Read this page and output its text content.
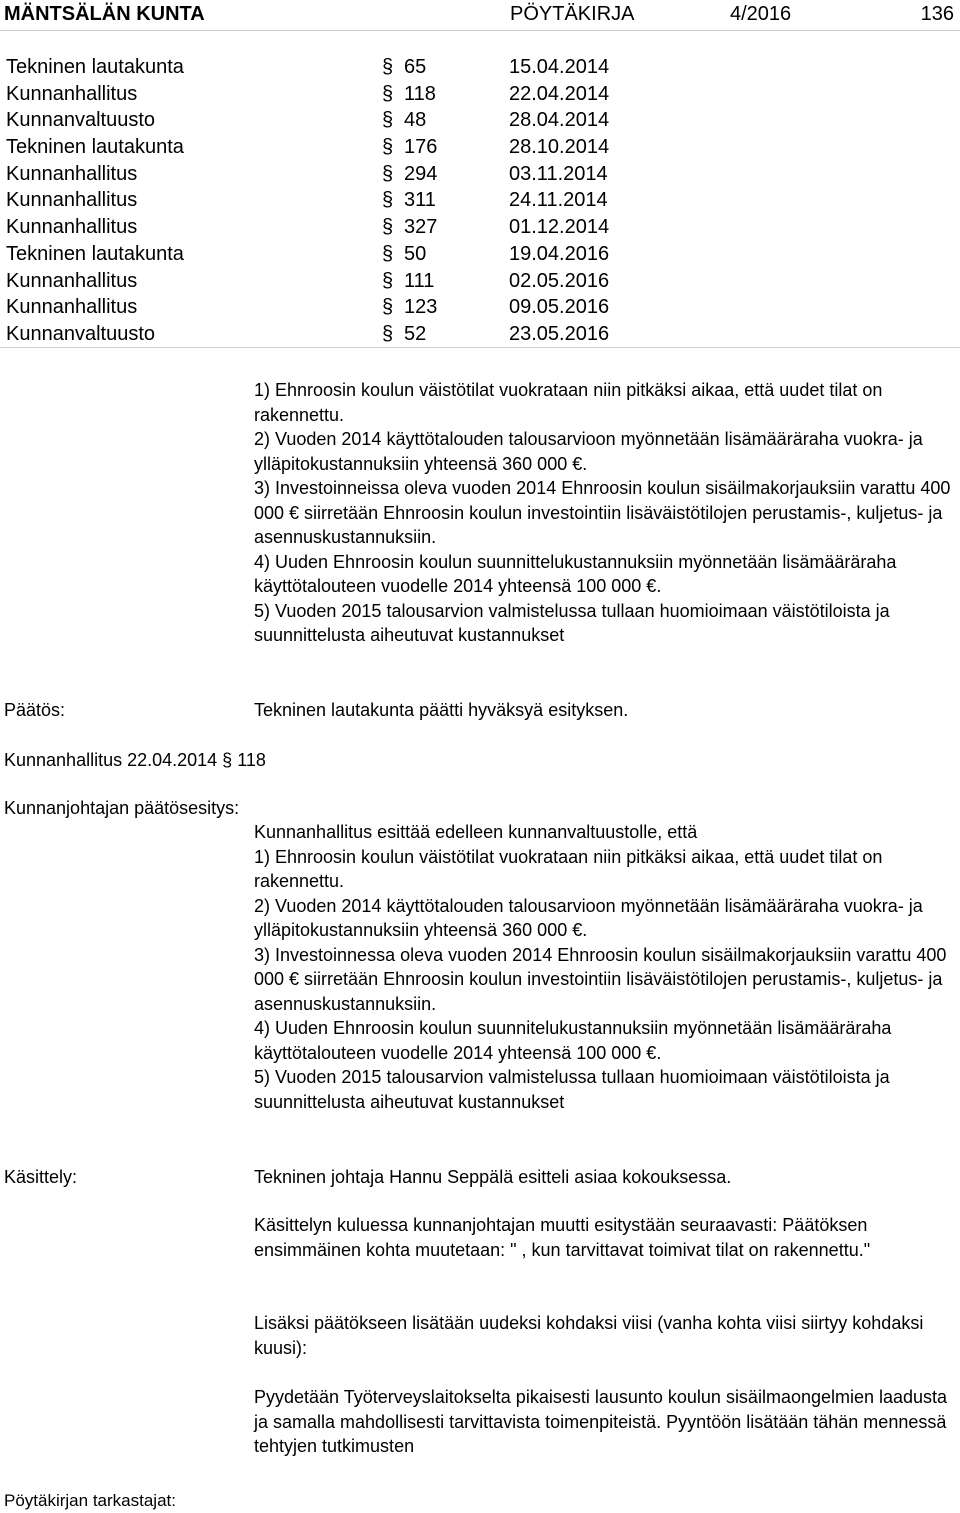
MÄNTSÄLÄN KUNTA	PÖYTÄKIRJA	4/2016	136
Tekninen lautakunta	§ 65	15.04.2014
Kunnanhallitus	§ 118	22.04.2014
Kunnanvaltuusto	§ 48	28.04.2014
Tekninen lautakunta	§ 176	28.10.2014
Kunnanhallitus	§ 294	03.11.2014
Kunnanhallitus	§ 311	24.11.2014
Kunnanhallitus	§ 327	01.12.2014
Tekninen lautakunta	§ 50	19.04.2016
Kunnanhallitus	§ 111	02.05.2016
Kunnanhallitus	§ 123	09.05.2016
Kunnanvaltuusto	§ 52	23.05.2016

1) Ehnroosin koulun väistötilat vuokrataan niin pitkäksi aikaa, että uudet tilat on rakennettu.

2) Vuoden 2014 käyttötalouden talousarvioon myönnetään lisämääräraha vuokra- ja ylläpitokustannuksiin yhteensä 360 000 €.

3) Investoinneissa oleva vuoden 2014 Ehnroosin koulun sisäilmakorjauksiin varattu 400 000 € siirretään Ehnroosin koulun investointiin lisäväistötilojen perustamis-, kuljetus- ja asennuskustannuksiin.

4) Uuden Ehnroosin koulun suunnittelukustannuksiin myönnetään lisämääräraha käyttötalouteen vuodelle 2014 yhteensä 100 000 €.

5) Vuoden 2015 talousarvion valmistelussa tullaan huomioimaan väistötiloista ja suunnittelusta aiheutuvat kustannukset

Päätös:	Tekninen lautakunta päätti hyväksyä esityksen.
Kunnanhallitus 22.04.2014 § 118
Kunnanjohtajan päätösesitys:

Kunnanhallitus esittää edelleen kunnanvaltuustolle, että

1) Ehnroosin koulun väistötilat vuokrataan niin pitkäksi aikaa, että uudet tilat on rakennettu.

2) Vuoden 2014 käyttötalouden talousarvioon myönnetään lisämääräraha vuokra- ja ylläpitokustannuksiin yhteensä 360 000 €.

3) Investoinnessa oleva vuoden 2014 Ehnroosin koulun sisäilmakorjauksiin varattu 400 000 € siirretään Ehnroosin koulun investointiin lisäväistötilojen perustamis-, kuljetus- ja asennuskustannuksiin.

4) Uuden Ehnroosin koulun suunnitelukustannuksiin myönnetään lisämääräraha käyttötalouteen vuodelle 2014 yhteensä 100 000 €.

5) Vuoden 2015 talousarvion valmistelussa tullaan huomioimaan väistötiloista ja suunnittelusta aiheutuvat kustannukset

Käsittely:	Tekninen johtaja Hannu Seppälä esitteli asiaa kokouksessa.
Käsittelyn kuluessa kunnanjohtajan muutti esitystään seuraavasti: Päätöksen ensimmäinen kohta muutetaan: " , kun tarvittavat toimivat tilat on rakennettu."
Lisäksi päätökseen lisätään uudeksi kohdaksi viisi (vanha kohta viisi siirtyy kohdaksi kuusi):
Pyydetään Työterveyslaitokselta pikaisesti lausunto koulun sisäilmaongelmien laadusta ja samalla mahdollisesti tarvittavista toimenpiteistä. Pyyntöön lisätään tähän mennessä tehtyjen tutkimusten
Pöytäkirjan tarkastajat:
